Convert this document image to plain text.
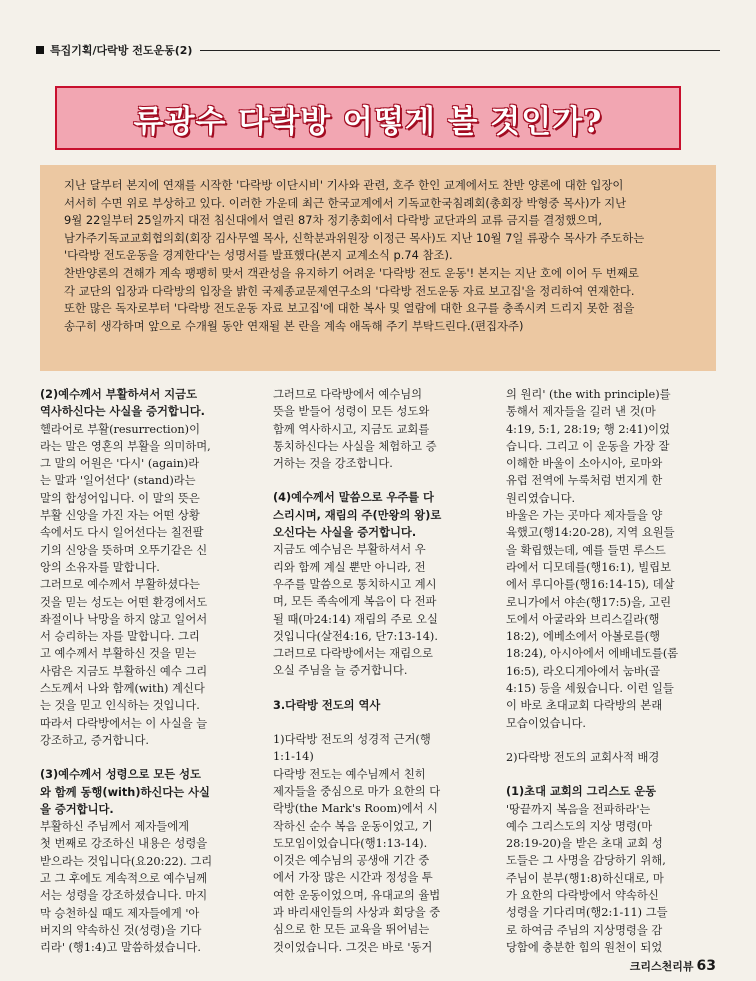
특집기획/다락방 전도운동(2)
류광수 다락방 어떻게 볼 것인가?
지난 달부터 본지에 연재를 시작한 '다락방 이단시비' 기사와 관련, 호주 한인 교계에서도 찬반 양론에 대한 입장이
서서히 수면 위로 부상하고 있다. 이러한 가운데 최근 한국교계에서 기독교한국침례회(총회장 박형중 목사)가 지난
9월 22일부터 25일까지 대전 침신대에서 열린 87차 정기총회에서 다락방 교단과의 교류 금지를 결정했으며,
남가주기독교교회협의회(회장 김사무엘 목사, 신학분과위원장 이정근 목사)도 지난 10월 7일 류광수 목사가 주도하는
'다락방 전도운동을 경계한다'는 성명서를 발표했다(본지 교계소식 p.74 참조).
찬반양론의 견해가 계속 팽팽히 맞서 객관성을 유지하기 어려운 '다락방 전도 운동'! 본지는 지난 호에 이어 두 번째로
각 교단의 입장과 다락방의 입장을 밝힌 국제종교문제연구소의 '다락방 전도운동 자료 보고집'을 정리하여 연재한다.
또한 많은 독자로부터 '다락방 전도운동 자료 보고집'에 대한 복사 및 열람에 대한 요구를 충족시켜 드리지 못한 점을
송구히 생각하며 앞으로 수개월 동안 연재될 본 란을 계속 애독해 주기 부탁드린다.(편집자주)
(2)예수께서 부활하셔서 지금도
역사하신다는 사실을 증거합니다.
헬라어로 부활(resurrection)이
라는 말은 영혼의 부활을 의미하며,
그 말의 어원은 '다시' (again)라
는 말과 '일어선다' (stand)라는
말의 합성어입니다. 이 말의 뜻은
부활 신앙을 가진 자는 어떤 상황
속에서도 다시 일어선다는 칠전팔
기의 신앙을 뜻하며 오뚜기같은 신
앙의 소유자를 말합니다.
그러므로 예수께서 부활하셨다는
것을 믿는 성도는 어떤 환경에서도
좌절이나 낙망을 하지 않고 일어서
서 승리하는 자를 말합니다. 그리
고 예수께서 부활하신 것을 믿는
사람은 지금도 부활하신 예수 그리
스도께서 나와 함께(with) 계신다
는 것을 믿고 인식하는 것입니다.
따라서 다락방에서는 이 사실을 늘
강조하고, 증거합니다.
(3)예수께서 성령으로 모든 성도
와 함께 동행(with)하신다는 사실
을 증거합니다.
부활하신 주님께서 제자들에게
첫 번째로 강조하신 내용은 성령을
받으라는 것입니다(요20:22). 그리
고 그 후에도 계속적으로 예수님께
서는 성령을 강조하셨습니다. 마지
막 승천하실 때도 제자들에게 '아
버지의 약속하신 것(성령)을 기다
리라' (행1:4)고 말씀하셨습니다.
그러므로 다락방에서 예수님의
뜻을 받들어 성령이 모든 성도와
함께 역사하시고, 지금도 교회를
통치하신다는 사실을 체험하고 증
거하는 것을 강조합니다.
(4)예수께서 말씀으로 우주를 다
스리시며, 재림의 주(만왕의 왕)로
오신다는 사실을 증거합니다.
지금도 예수님은 부활하셔서 우
리와 함께 계실 뿐만 아니라, 전
우주를 말씀으로 통치하시고 계시
며, 모든 족속에게 복음이 다 전파
될 때(마24:14) 재림의 주로 오실
것입니다(살전4:16, 단7:13-14).
그러므로 다락방에서는 재림으로
오실 주님을 늘 증거합니다.
3.다락방 전도의 역사
1)다락방 전도의 성경적 근거(행
1:1-14)
다락방 전도는 예수님께서 친히
제자들을 중심으로 마가 요한의 다
락방(the Mark's Room)에서 시
작하신 순수 복음 운동이었고, 기
도모임이었습니다(행1:13-14).
이것은 예수님의 공생애 기간 중
에서 가장 많은 시간과 정성을 투
여한 운동이었으며, 유대교의 율법
과 바리새인들의 사상과 회당을 중
심으로 한 모든 교육을 뛰어넘는
것이었습니다. 그것은 바로 '동거
의 원리' (the with principle)를
통해서 제자들을 길러 낸 것(마
4:19, 5:1, 28:19; 행 2:41)이었
습니다. 그리고 이 운동을 가장 잘
이해한 바울이 소아시아, 로마와
유럽 전역에 누룩처럼 번지게 한
원리였습니다.
바울은 가는 곳마다 제자들을 양
육했고(행14:20-28), 지역 요원들
을 확립했는데, 예를 들면 루스드
라에서 디모데를(행16:1), 빌립보
에서 루디아를(행16:14-15), 데살
로니가에서 야손(행17:5)을, 고린
도에서 아굴라와 브리스길라(행
18:2), 에베소에서 아볼로를(행
18:24), 아시아에서 에배네도를(롬
16:5), 라오디게아에서 눔바(골
4:15) 등을 세웠습니다. 이런 일들
이 바로 초대교회 다락방의 본래
모습이었습니다.
2)다락방 전도의 교회사적 배경
(1)초대 교회의 그리스도 운동
'땅끝까지 복음을 전파하라'는
예수 그리스도의 지상 명령(마
28:19-20)을 받은 초대 교회 성
도들은 그 사명을 감당하기 위해,
주님이 분부(행1:8)하신대로, 마
가 요한의 다락방에서 약속하신
성령을 기다리며(행2:1-11) 그들
로 하여금 주님의 지상명령을 감
당함에 충분한 힘의 원천이 되었
크리스천리뷰 63
